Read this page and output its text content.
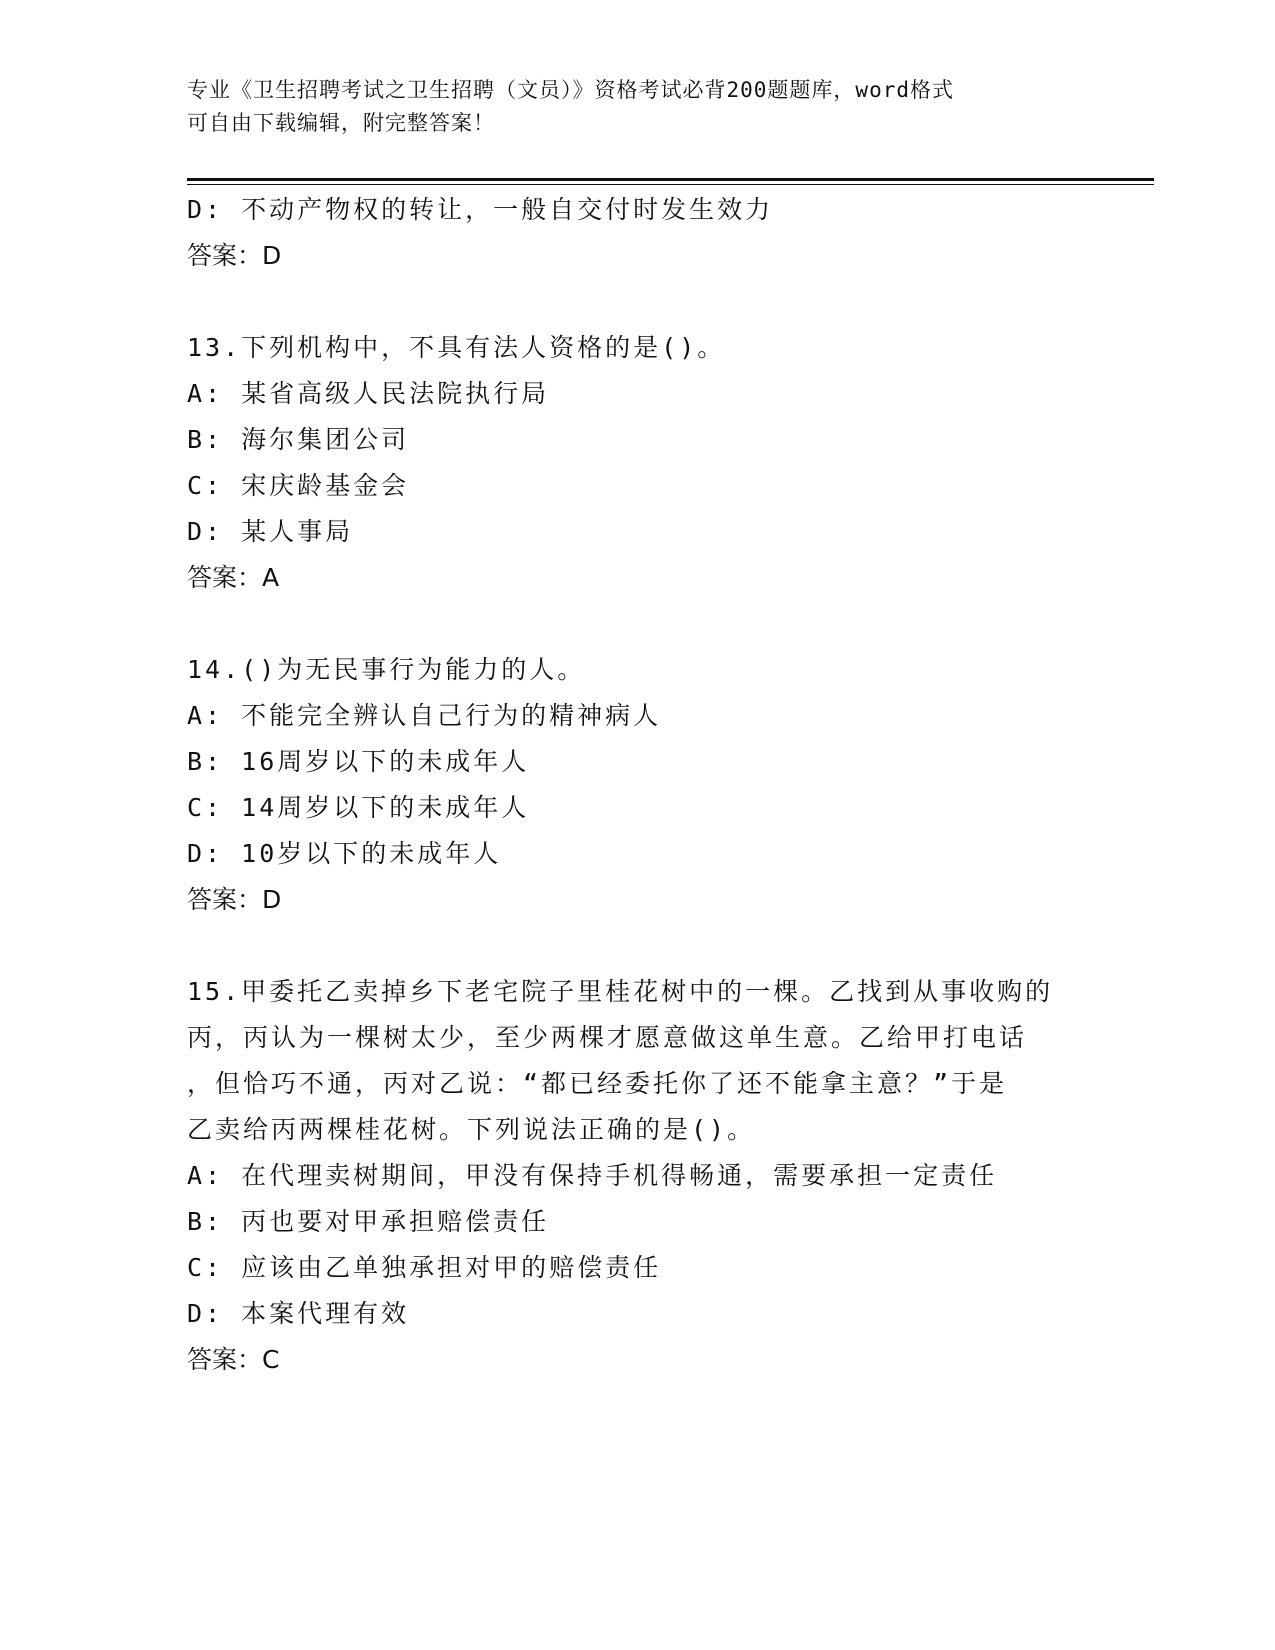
专业《卫生招聘考试之卫生招聘（文员）》资格考试必背200题题库，word格式
可自由下载编辑，附完整答案！
D: 不动产物权的转让，一般自交付时发生效力
答案：D
13.下列机构中，不具有法人资格的是()。
A: 某省高级人民法院执行局
B: 海尔集团公司
C: 宋庆龄基金会
D: 某人事局
答案：A
14.()为无民事行为能力的人。
A: 不能完全辨认自己行为的精神病人
B: 16周岁以下的未成年人
C: 14周岁以下的未成年人
D: 10岁以下的未成年人
答案：D
15.甲委托乙卖掉乡下老宅院子里桂花树中的一棵。乙找到从事收购的
丙，丙认为一棵树太少，至少两棵才愿意做这单生意。乙给甲打电话
，但恰巧不通，丙对乙说：“都已经委托你了还不能拿主意？”于是
乙卖给丙两棵桂花树。下列说法正确的是()。
A: 在代理卖树期间，甲没有保持手机得畅通，需要承担一定责任
B: 丙也要对甲承担赔偿责任
C: 应该由乙单独承担对甲的赔偿责任
D: 本案代理有效
答案：C
